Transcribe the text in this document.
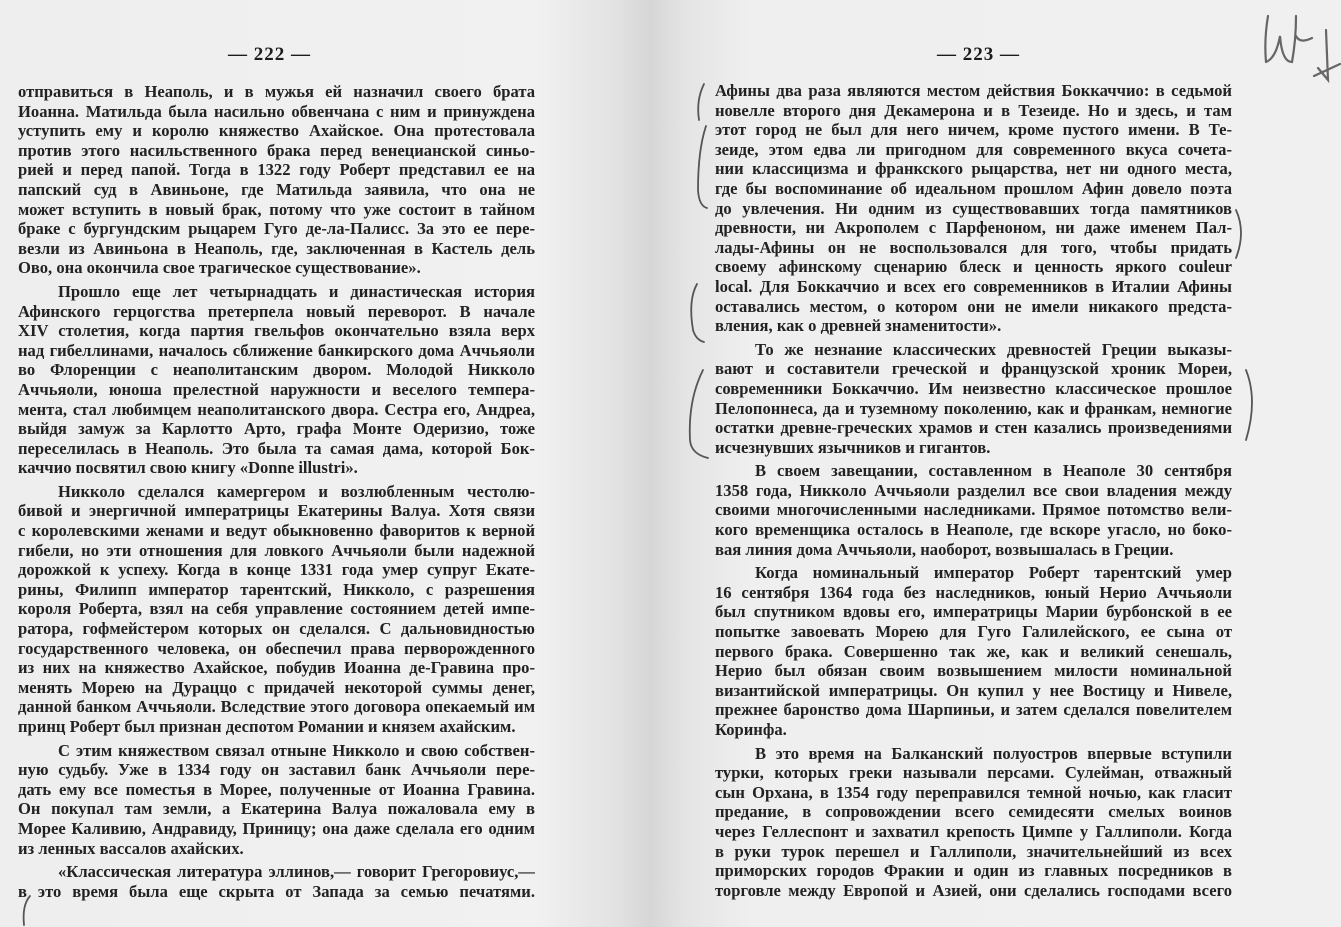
— 222 —	— 223 —
отправиться в Неаполь, и в мужья ей назначил своего брата
Иоанна. Матильда была насильно обвенчана с ним и принуждена
уступить ему и королю княжество Ахайское. Она протестовала
против этого насильственного брака перед венецианской синьо-
рией и перед папой. Тогда в 1322 году Роберт представил ее на
папский суд в Авиньоне, где Матильда заявила, что она не
может вступить в новый брак, потому что уже состоит в тайном
браке с бургундским рыцарем Гуго де-ла-Палисс. За это ее пере-
везли из Авиньона в Неаполь, где, заключенная в Кастель дель
Ово, она окончила свое трагическое существование».
Прошло еще лет четырнадцать и династическая история
Афинского герцогства претерпела новый переворот. В начале
XIV столетия, когда партия гвельфов окончательно взяла верх
над гибеллинами, началось сближение банкирского дома Аччьяоли
во Флоренции с неаполитанским двором. Молодой Никколо
Аччьяоли, юноша прелестной наружности и веселого темпера-
мента, стал любимцем неаполитанского двора. Сестра его, Андреа,
выйдя замуж за Карлотто Арто, графа Монте Одеризио, тоже
переселилась в Неаполь. Это была та самая дама, которой Бок-
каччио посвятил свою книгу «Donne illustri».
Никколо сделался камергером и возлюбленным честолю-
бивой и энергичной императрицы Екатерины Валуа. Хотя связи
с королевскими женами и ведут обыкновенно фаворитов к верной
гибели, но эти отношения для ловкого Аччьяоли были надежной
дорожкой к успеху. Когда в конце 1331 года умер супруг Екате-
рины, Филипп император тарентский, Никколо, с разрешения
короля Роберта, взял на себя управление состоянием детей импе-
ратора, гофмейстером которых он сделался. С дальновидностью
государственного человека, он обеспечил права перворожденного
из них на княжество Ахайское, побудив Иоанна де-Гравина про-
менять Морею на Дураццо с придачей некоторой суммы денег,
данной банком Аччьяоли. Вследствие этого договора опекаемый им
принц Роберт был признан деспотом Романии и князем ахайским.
С этим княжеством связал отныне Никколо и свою собствен-
ную судьбу. Уже в 1334 году он заставил банк Аччьяоли пере-
дать ему все поместья в Морее, полученные от Иоанна Гравина.
Он покупал там земли, а Екатерина Валуа пожаловала ему в
Морее Каливию, Андравиду, Приницу; она даже сделала его одним
из ленных вассалов ахайских.
«Классическая литература эллинов,— говорит Грегоровиус,—
в это время была еще скрыта от Запада за семью печатями.
Афины два раза являются местом действия Боккаччио: в седьмой
новелле второго дня Декамерона и в Тезеиде. Но и здесь, и там
этот город не был для него ничем, кроме пустого имени. В Те-
зеиде, этом едва ли пригодном для современного вкуса сочета-
нии классицизма и франкского рыцарства, нет ни одного места,
где бы воспоминание об идеальном прошлом Афин довело поэта
до увлечения. Ни одним из существовавших тогда памятников
древности, ни Акрополем с Парфеноном, ни даже именем Пал-
лады-Афины он не воспользовался для того, чтобы придать
своему афинскому сценарию блеск и ценность яркого couleur
local. Для Боккаччио и всех его современников в Италии Афины
оставались местом, о котором они не имели никакого предста-
вления, как о древней знаменитости».
То же незнание классических древностей Греции выказы-
вают и составители греческой и французской хроник Мореи,
современники Боккаччио. Им неизвестно классическое прошлое
Пелопоннеса, да и туземному поколению, как и франкам, немногие
остатки древне-греческих храмов и стен казались произведениями
исчезнувших язычников и гигантов.
В своем завещании, составленном в Неаполе 30 сентября
1358 года, Никколо Аччьяоли разделил все свои владения между
своими многочисленными наследниками. Прямое потомство вели-
кого временщика осталось в Неаполе, где вскоре угасло, но боко-
вая линия дома Аччьяоли, наоборот, возвышалась в Греции.
Когда номинальный император Роберт тарентский умер
16 сентября 1364 года без наследников, юный Нерио Аччьяоли
был спутником вдовы его, императрицы Марии бурбонской в ее
попытке завоевать Морею для Гуго Галилейского, ее сына от
первого брака. Совершенно так же, как и великий сенешаль,
Нерио был обязан своим возвышением милости номинальной
византийской императрицы. Он купил у нее Востицу и Нивеле,
прежнее баронство дома Шарпиньи, и затем сделался повелителем
Коринфа.
В это время на Балканский полуостров впервые вступили
турки, которых греки называли персами. Сулейман, отважный
сын Орхана, в 1354 году переправился темной ночью, как гласит
предание, в сопровождении всего семидесяти смелых воинов
через Геллеспонт и захватил крепость Цимпе у Галлиполи. Когда
в руки турок перешел и Галлиполи, значительнейший из всех
приморских городов Фракии и один из главных посредников в
торговле между Европой и Азией, они сделались господами всего
